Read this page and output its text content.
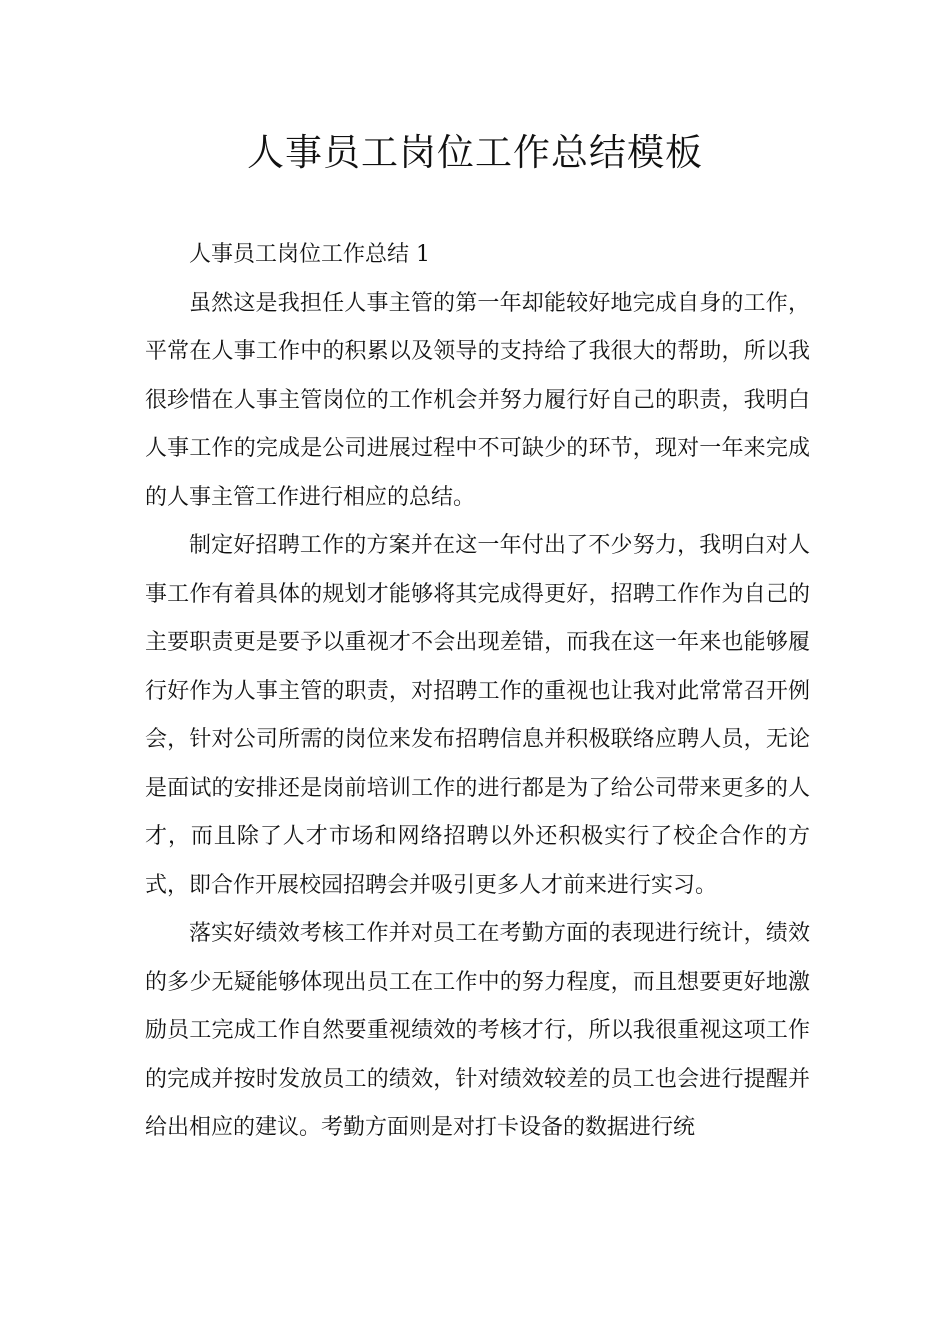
人事员工岗位工作总结模板

人事员工岗位工作总结 1

虽然这是我担任人事主管的第一年却能较好地完成自身的工作，平常在人事工作中的积累以及领导的支持给了我很大的帮助，所以我很珍惜在人事主管岗位的工作机会并努力履行好自己的职责，我明白人事工作的完成是公司进展过程中不可缺少的环节，现对一年来完成的人事主管工作进行相应的总结。

制定好招聘工作的方案并在这一年付出了不少努力，我明白对人事工作有着具体的规划才能够将其完成得更好，招聘工作作为自己的主要职责更是要予以重视才不会出现差错，而我在这一年来也能够履行好作为人事主管的职责，对招聘工作的重视也让我对此常常召开例会，针对公司所需的岗位来发布招聘信息并积极联络应聘人员，无论是面试的安排还是岗前培训工作的进行都是为了给公司带来更多的人才，而且除了人才市场和网络招聘以外还积极实行了校企合作的方式，即合作开展校园招聘会并吸引更多人才前来进行实习。

落实好绩效考核工作并对员工在考勤方面的表现进行统计，绩效的多少无疑能够体现出员工在工作中的努力程度，而且想要更好地激励员工完成工作自然要重视绩效的考核才行，所以我很重视这项工作的完成并按时发放员工的绩效，针对绩效较差的员工也会进行提醒并给出相应的建议。考勤方面则是对打卡设备的数据进行统
